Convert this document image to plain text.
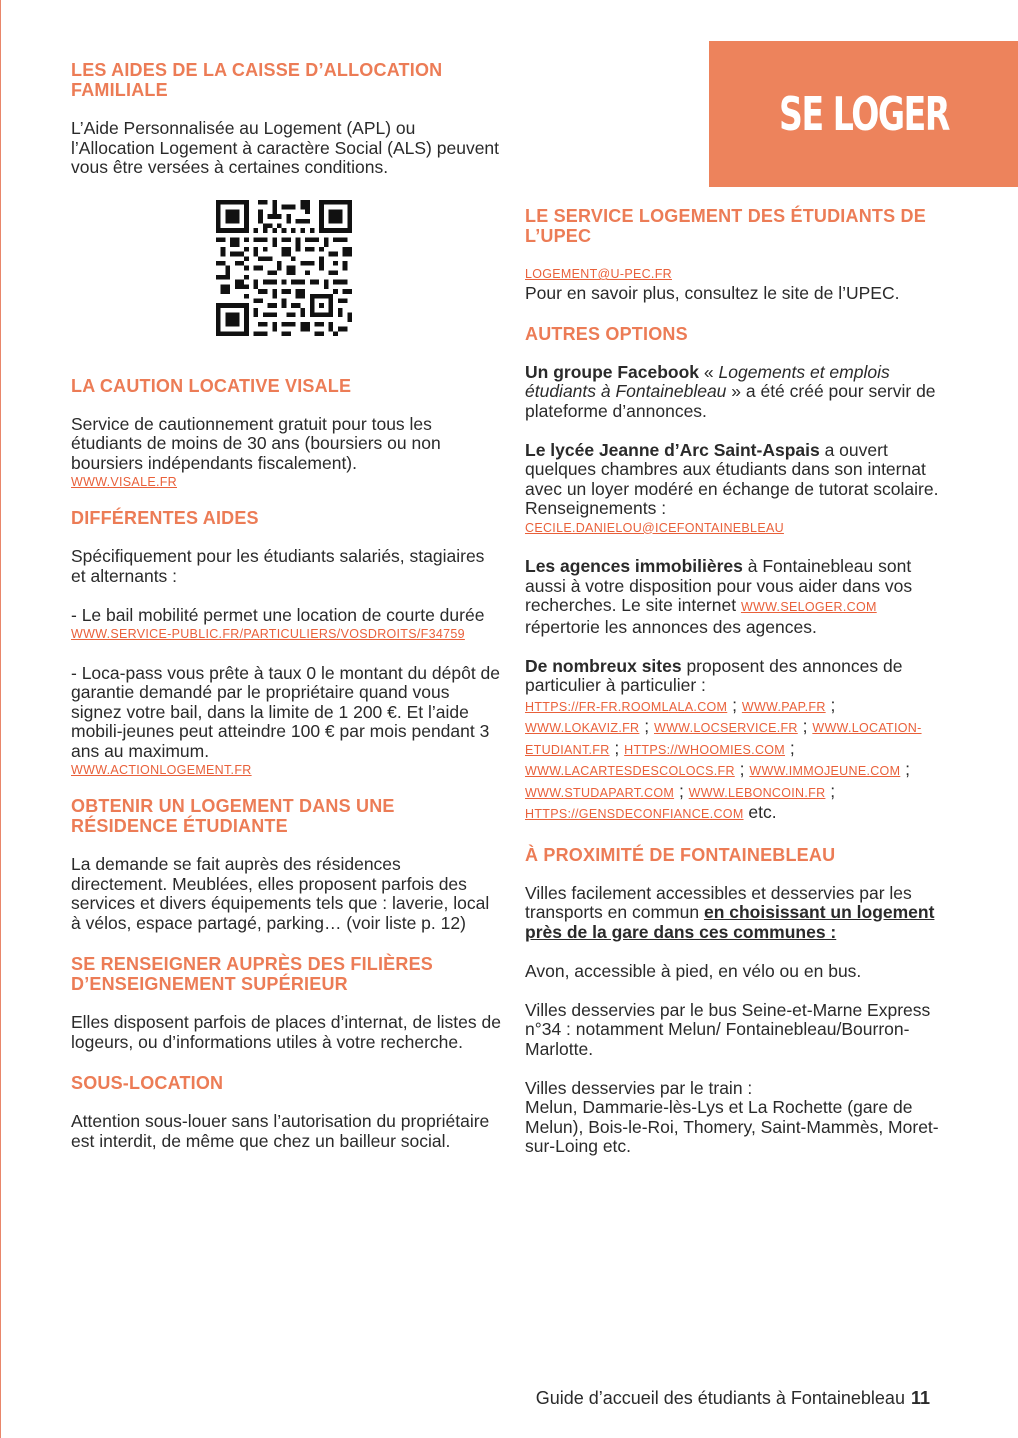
SE LOGER
LES AIDES DE LA CAISSE D’ALLOCATION FAMILIALE

L’Aide Personnalisée au Logement (APL) ou l’Allocation Logement à caractère Social (ALS) peuvent vous être versées à certaines conditions.

LA CAUTION LOCATIVE VISALE

Service de cautionnement gratuit pour tous les étudiants de moins de 30 ans (boursiers ou non boursiers indépendants fiscalement).

WWW.VISALE.FR
DIFFÉRENTES AIDES

Spécifiquement pour les étudiants salariés, stagiaires et alternants :

- Le bail mobilité permet une location de courte durée

WWW.SERVICE-PUBLIC.FR/PARTICULIERS/VOSDROITS/F34759

- Loca-pass vous prête à taux 0 le montant du dépôt de garantie demandé par le propriétaire quand vous signez votre bail, dans la limite de 1 200 €. Et l’aide mobili-jeunes peut atteindre 100 € par mois pendant 3 ans au maximum.

WWW.ACTIONLOGEMENT.FR
OBTENIR UN LOGEMENT DANS UNE RÉSIDENCE ÉTUDIANTE

La demande se fait auprès des résidences directement. Meublées, elles proposent parfois des services et divers équipements tels que : laverie, local à vélos, espace partagé, parking… (voir liste p. 12)

SE RENSEIGNER AUPRÈS DES FILIÈRES D’ENSEIGNEMENT SUPÉRIEUR

Elles disposent parfois de places d’internat, de listes de logeurs, ou d’informations utiles à votre recherche.

SOUS-LOCATION

Attention sous-louer sans l’autorisation du propriétaire est interdit, de même que chez un bailleur social.

LE SERVICE LOGEMENT DES ÉTUDIANTS DE L’UPEC
LOGEMENT@U-PEC.FR

Pour en savoir plus, consultez le site de l’UPEC.

AUTRES OPTIONS

Un groupe Facebook « Logements et emplois étudiants à Fontainebleau » a été créé pour servir de plateforme d’annonces.

Le lycée Jeanne d’Arc Saint-Aspais a ouvert quelques chambres aux étudiants dans son internat avec un loyer modéré en échange de tutorat scolaire. Renseignements :

CECILE.DANIELOU@ICEFONTAINEBLEAU

Les agences immobilières à Fontainebleau sont aussi à votre disposition pour vous aider dans vos recherches. Le site internet WWW.SELOGER.COM répertorie les annonces des agences.

De nombreux sites proposent des annonces de particulier à particulier :

HTTPS://FR-FR.ROOMLALA.COM ; WWW.PAP.FR ; WWW.LOKAVIZ.FR ; WWW.LOCSERVICE.FR ; WWW.LOCATION-ETUDIANT.FR ; HTTPS://WHOOMIES.COM ; WWW.LACARTESDESCOLOCS.FR ; WWW.IMMOJEUNE.COM ; WWW.STUDAPART.COM ; WWW.LEBONCOIN.FR ; HTTPS://GENSDECONFIANCE.COM etc.

À PROXIMITÉ DE FONTAINEBLEAU

Villes facilement accessibles et desservies par les transports en commun en choisissant un logement près de la gare dans ces communes :

Avon, accessible à pied, en vélo ou en bus.

Villes desservies par le bus Seine-et-Marne Express n°34 : notamment Melun/ Fontainebleau/Bourron-Marlotte.

Villes desservies par le train :

Melun, Dammarie-lès-Lys et La Rochette (gare de Melun), Bois-le-Roi, Thomery, Saint-Mammès, Moret-sur-Loing etc.

Guide d’accueil des étudiants à Fontainebleau 11
